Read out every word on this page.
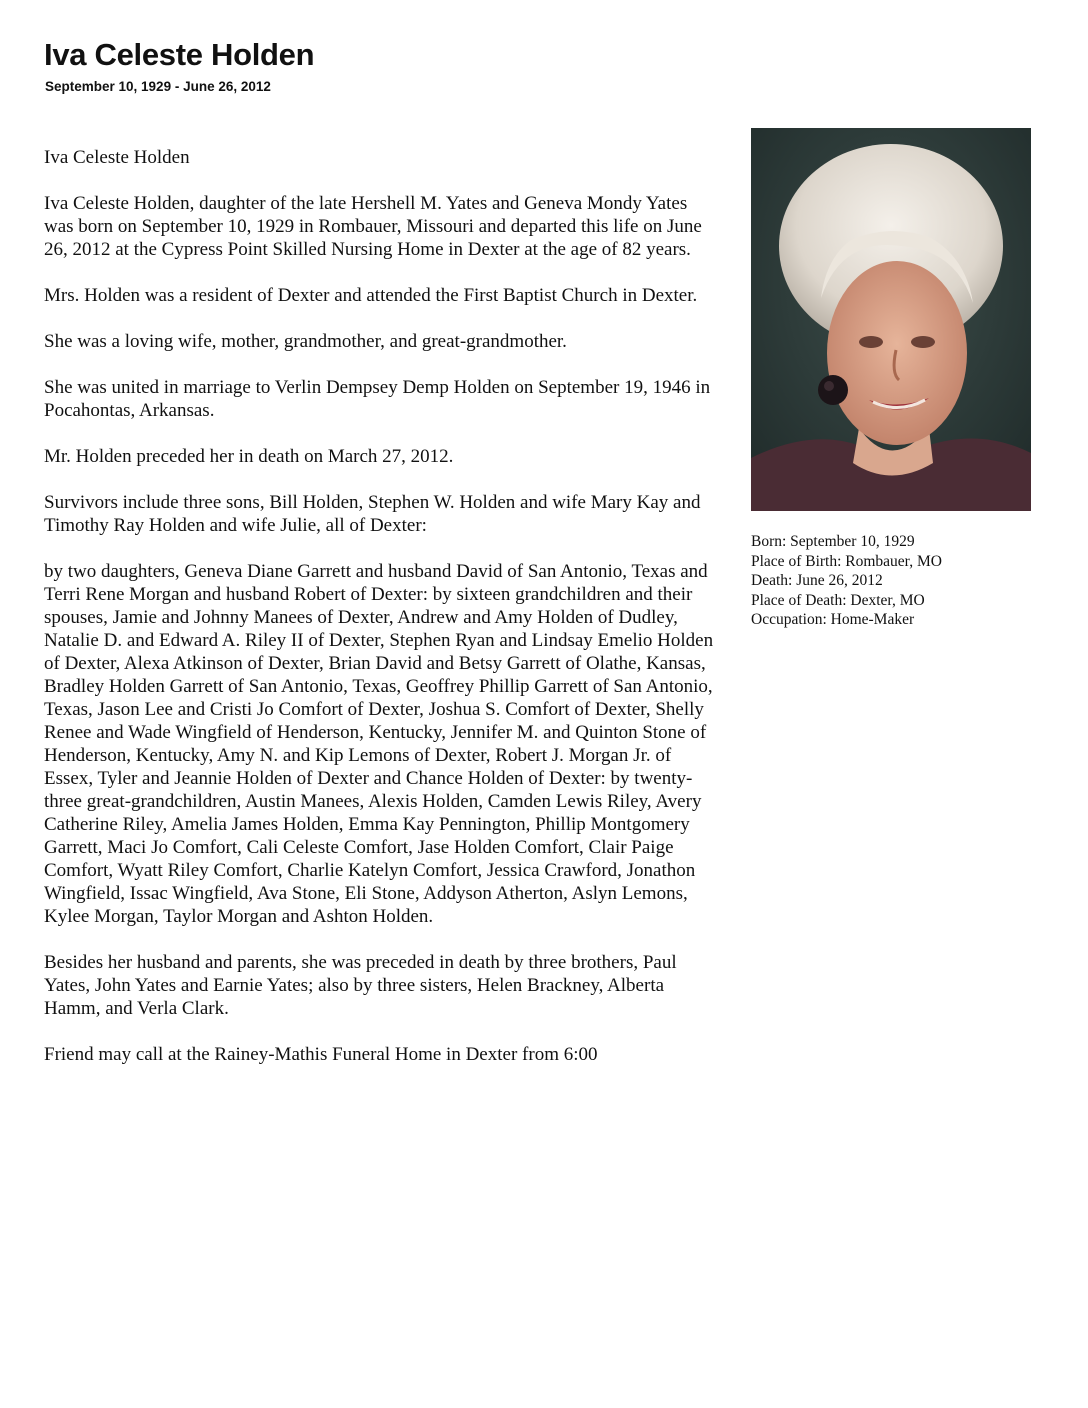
Iva Celeste Holden
September 10, 1929 - June 26, 2012

Iva Celeste Holden

Iva Celeste Holden, daughter of the late Hershell M. Yates and Geneva Mondy Yates was born on September 10, 1929 in Rombauer, Missouri and departed this life on June 26, 2012 at the Cypress Point Skilled Nursing Home in Dexter at the age of 82 years.

Mrs. Holden was a resident of Dexter and attended the First Baptist Church in Dexter.

She was a loving wife, mother, grandmother, and great-grandmother.

She was united in marriage to Verlin Dempsey Demp Holden on September 19, 1946 in Pocahontas, Arkansas.

Mr. Holden preceded her in death on March 27, 2012.

Survivors include three sons, Bill Holden, Stephen W. Holden and wife Mary Kay and Timothy Ray Holden and wife Julie, all of Dexter:

by two daughters, Geneva Diane Garrett and husband David of San Antonio, Texas and Terri Rene Morgan and husband Robert of Dexter: by sixteen grandchildren and their spouses, Jamie and Johnny Manees of Dexter, Andrew and Amy Holden of Dudley, Natalie D. and Edward A. Riley II of Dexter, Stephen Ryan and Lindsay Emelio Holden of Dexter, Alexa Atkinson of Dexter, Brian David and Betsy Garrett of Olathe, Kansas, Bradley Holden Garrett of San Antonio, Texas, Geoffrey Phillip Garrett of San Antonio, Texas, Jason Lee and Cristi Jo Comfort of Dexter, Joshua S. Comfort of Dexter, Shelly Renee and Wade Wingfield of Henderson, Kentucky, Jennifer M. and Quinton Stone of Henderson, Kentucky, Amy N. and Kip Lemons of Dexter, Robert J. Morgan Jr. of Essex, Tyler and Jeannie Holden of Dexter and Chance Holden of Dexter: by twenty- three great-grandchildren, Austin Manees, Alexis Holden, Camden Lewis Riley, Avery Catherine Riley, Amelia James Holden, Emma Kay Pennington, Phillip Montgomery Garrett, Maci Jo Comfort, Cali Celeste Comfort, Jase Holden Comfort, Clair Paige Comfort, Wyatt Riley Comfort, Charlie Katelyn Comfort, Jessica Crawford, Jonathon Wingfield, Issac Wingfield, Ava Stone, Eli Stone, Addyson Atherton, Aslyn Lemons, Kylee Morgan, Taylor Morgan and Ashton Holden.

Besides her husband and parents, she was preceded in death by three brothers, Paul Yates, John Yates and Earnie Yates; also by three sisters, Helen Brackney, Alberta Hamm, and Verla Clark.

Friend may call at the Rainey-Mathis Funeral Home in Dexter from 6:00

Born: September 10, 1929
Place of Birth: Rombauer, MO
Death: June 26, 2012
Place of Death: Dexter, MO
Occupation: Home-Maker
